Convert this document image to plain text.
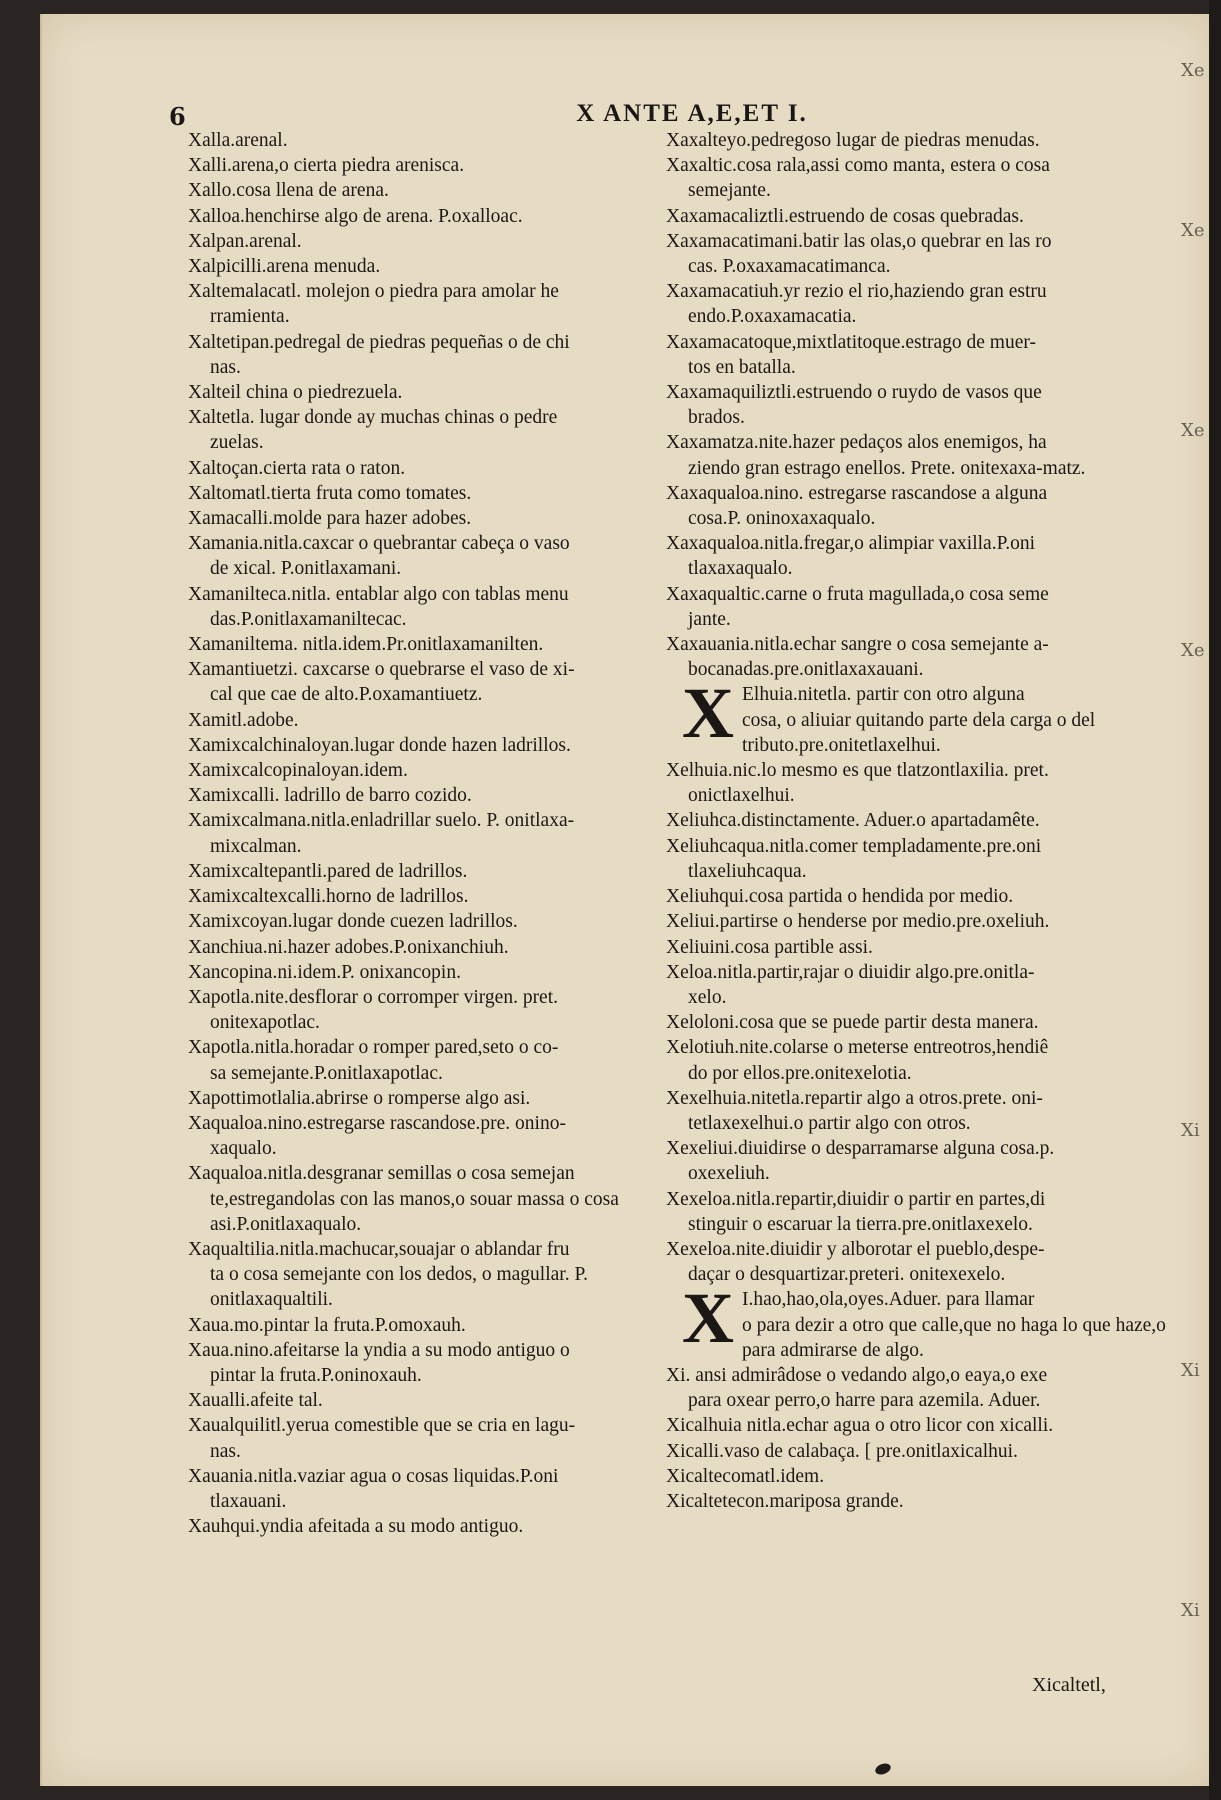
6	X ANTE A,E,ET I.
Xalla.arenal.
Xalli.arena,o cierta piedra arenisca.
Xallo.cosa llena de arena.
Xalloa.henchirse algo de arena. P.oxalloac.
Xalpan.arenal.
Xalpicilli.arena menuda.
Xaltemalacatl. molejon o piedra para amolar he
rramienta.
Xaltetipan.pedregal de piedras pequeñas o de chi
nas.
Xalteil china o piedrezuela.
Xaltetla. lugar donde ay muchas chinas o pedre
zuelas.
Xaltoçan.cierta rata o raton.
Xaltomatl.tierta fruta como tomates.
Xamacalli.molde para hazer adobes.
Xamania.nitla.caxcar o quebrantar cabeça o vaso
de xical. P.onitlaxamani.
Xamanilteca.nitla. entablar algo con tablas menu
das.P.onitlaxamaniltecac.
Xamaniltema. nitla.idem.Pr.onitlaxamanilten.
Xamantiuetzi. caxcarse o quebrarse el vaso de xi-
cal que cae de alto.P.oxamantiuetz.
Xamitl.adobe.
Xamixcalchinaloyan.lugar donde hazen ladrillos.
Xamixcalcopinaloyan.idem.
Xamixcalli. ladrillo de barro cozido.
Xamixcalmana.nitla.enladrillar suelo. P. onitlaxa-
mixcalman.
Xamixcaltepantli.pared de ladrillos.
Xamixcaltexcalli.horno de ladrillos.
Xamixcoyan.lugar donde cuezen ladrillos.
Xanchiua.ni.hazer adobes.P.onixanchiuh.
Xancopina.ni.idem.P. onixancopin.
Xapotla.nite.desflorar o corromper virgen. pret.
onitexapotlac.
Xapotla.nitla.horadar o romper pared,seto o co-
sa semejante.P.onitlaxapotlac.
Xapottimotlalia.abrirse o romperse algo asi.
Xaqualoa.nino.estregarse rascandose.pre. onino-
xaqualo.
Xaqualoa.nitla.desgranar semillas o cosa semejan
te,estregandolas con las manos,o souar massa o cosa asi.P.onitlaxaqualo.
Xaqualtilia.nitla.machucar,souajar o ablandar fru
ta o cosa semejante con los dedos, o magullar. P. onitlaxaqualtili.
Xaua.mo.pintar la fruta.P.omoxauh.
Xaua.nino.afeitarse la yndia a su modo antiguo o
pintar la fruta.P.oninoxauh.
Xaualli.afeite tal.
Xaualquilitl.yerua comestible que se cria en lagu-
nas.
Xauania.nitla.vaziar agua o cosas liquidas.P.oni
tlaxauani.
Xauhqui.yndia afeitada a su modo antiguo.
Xaxalteyo.pedregoso lugar de piedras menudas.
Xaxaltic.cosa rala,assi como manta, estera o cosa
semejante.
Xaxamacaliztli.estruendo de cosas quebradas.
Xaxamacatimani.batir las olas,o quebrar en las ro
cas. P.oxaxamacatimanca.
Xaxamacatiuh.yr rezio el rio,haziendo gran estru
endo.P.oxaxamacatia.
Xaxamacatoque,mixtlatitoque.estrago de muer-
tos en batalla.
Xaxamaquiliztli.estruendo o ruydo de vasos que
brados.
Xaxamatza.nite.hazer pedaços alos enemigos, ha
ziendo gran estrago enellos. Prete. onitexaxa-matz.
Xaxaqualoa.nino. estregarse rascandose a alguna
cosa.P. oninoxaxaqualo.
Xaxaqualoa.nitla.fregar,o alimpiar vaxilla.P.oni
tlaxaxaqualo.
Xaxaqualtic.carne o fruta magullada,o cosa seme
jante.
Xaxauania.nitla.echar sangre o cosa semejante a-
bocanadas.pre.onitlaxaxauani.
X Elhuia.nitetla. partir con otro alguna
cosa, o aliuiar quitando parte dela carga o del tributo.pre.onitetlaxelhui.
Xelhuia.nic.lo mesmo es que tlatzontlaxilia. pret.
onictlaxelhui.
Xeliuhca.distinctamente. Aduer.o apartadamête.
Xeliuhcaqua.nitla.comer templadamente.pre.oni
tlaxeliuhcaqua.
Xeliuhqui.cosa partida o hendida por medio.
Xeliui.partirse o henderse por medio.pre.oxeliuh.
Xeliuini.cosa partible assi.
Xeloa.nitla.partir,rajar o diuidir algo.pre.onitla-
xelo.
Xeloloni.cosa que se puede partir desta manera.
Xelotiuh.nite.colarse o meterse entreotros,hendiê
do por ellos.pre.onitexelotia.
Xexelhuia.nitetla.repartir algo a otros.prete. oni-
tetlaxexelhui.o partir algo con otros.
Xexeliui.diuidirse o desparramarse alguna cosa.p.
oxexeliuh.
Xexeloa.nitla.repartir,diuidir o partir en partes,di
stinguir o escaruar la tierra.pre.onitlaxexelo.
Xexeloa.nite.diuidir y alborotar el pueblo,despe-
daçar o desquartizar.preteri. onitexexelo.
X I.hao,hao,ola,oyes.Aduer. para llamar
o para dezir a otro que calle,que no haga lo que haze,o para admirarse de algo.
Xi. ansi admirâdose o vedando algo,o eaya,o exe
para oxear perro,o harre para azemila. Aduer.
Xicalhuia nitla.echar agua o otro licor con xicalli.
Xicalli.vaso de calabaça. [ pre.onitlaxicalhui.
Xicaltecomatl.idem.
Xicaltetecon.mariposa grande.
Xicaltetl,
Xe
Xe
Xe
Xe
Xi
Xi
Xi
